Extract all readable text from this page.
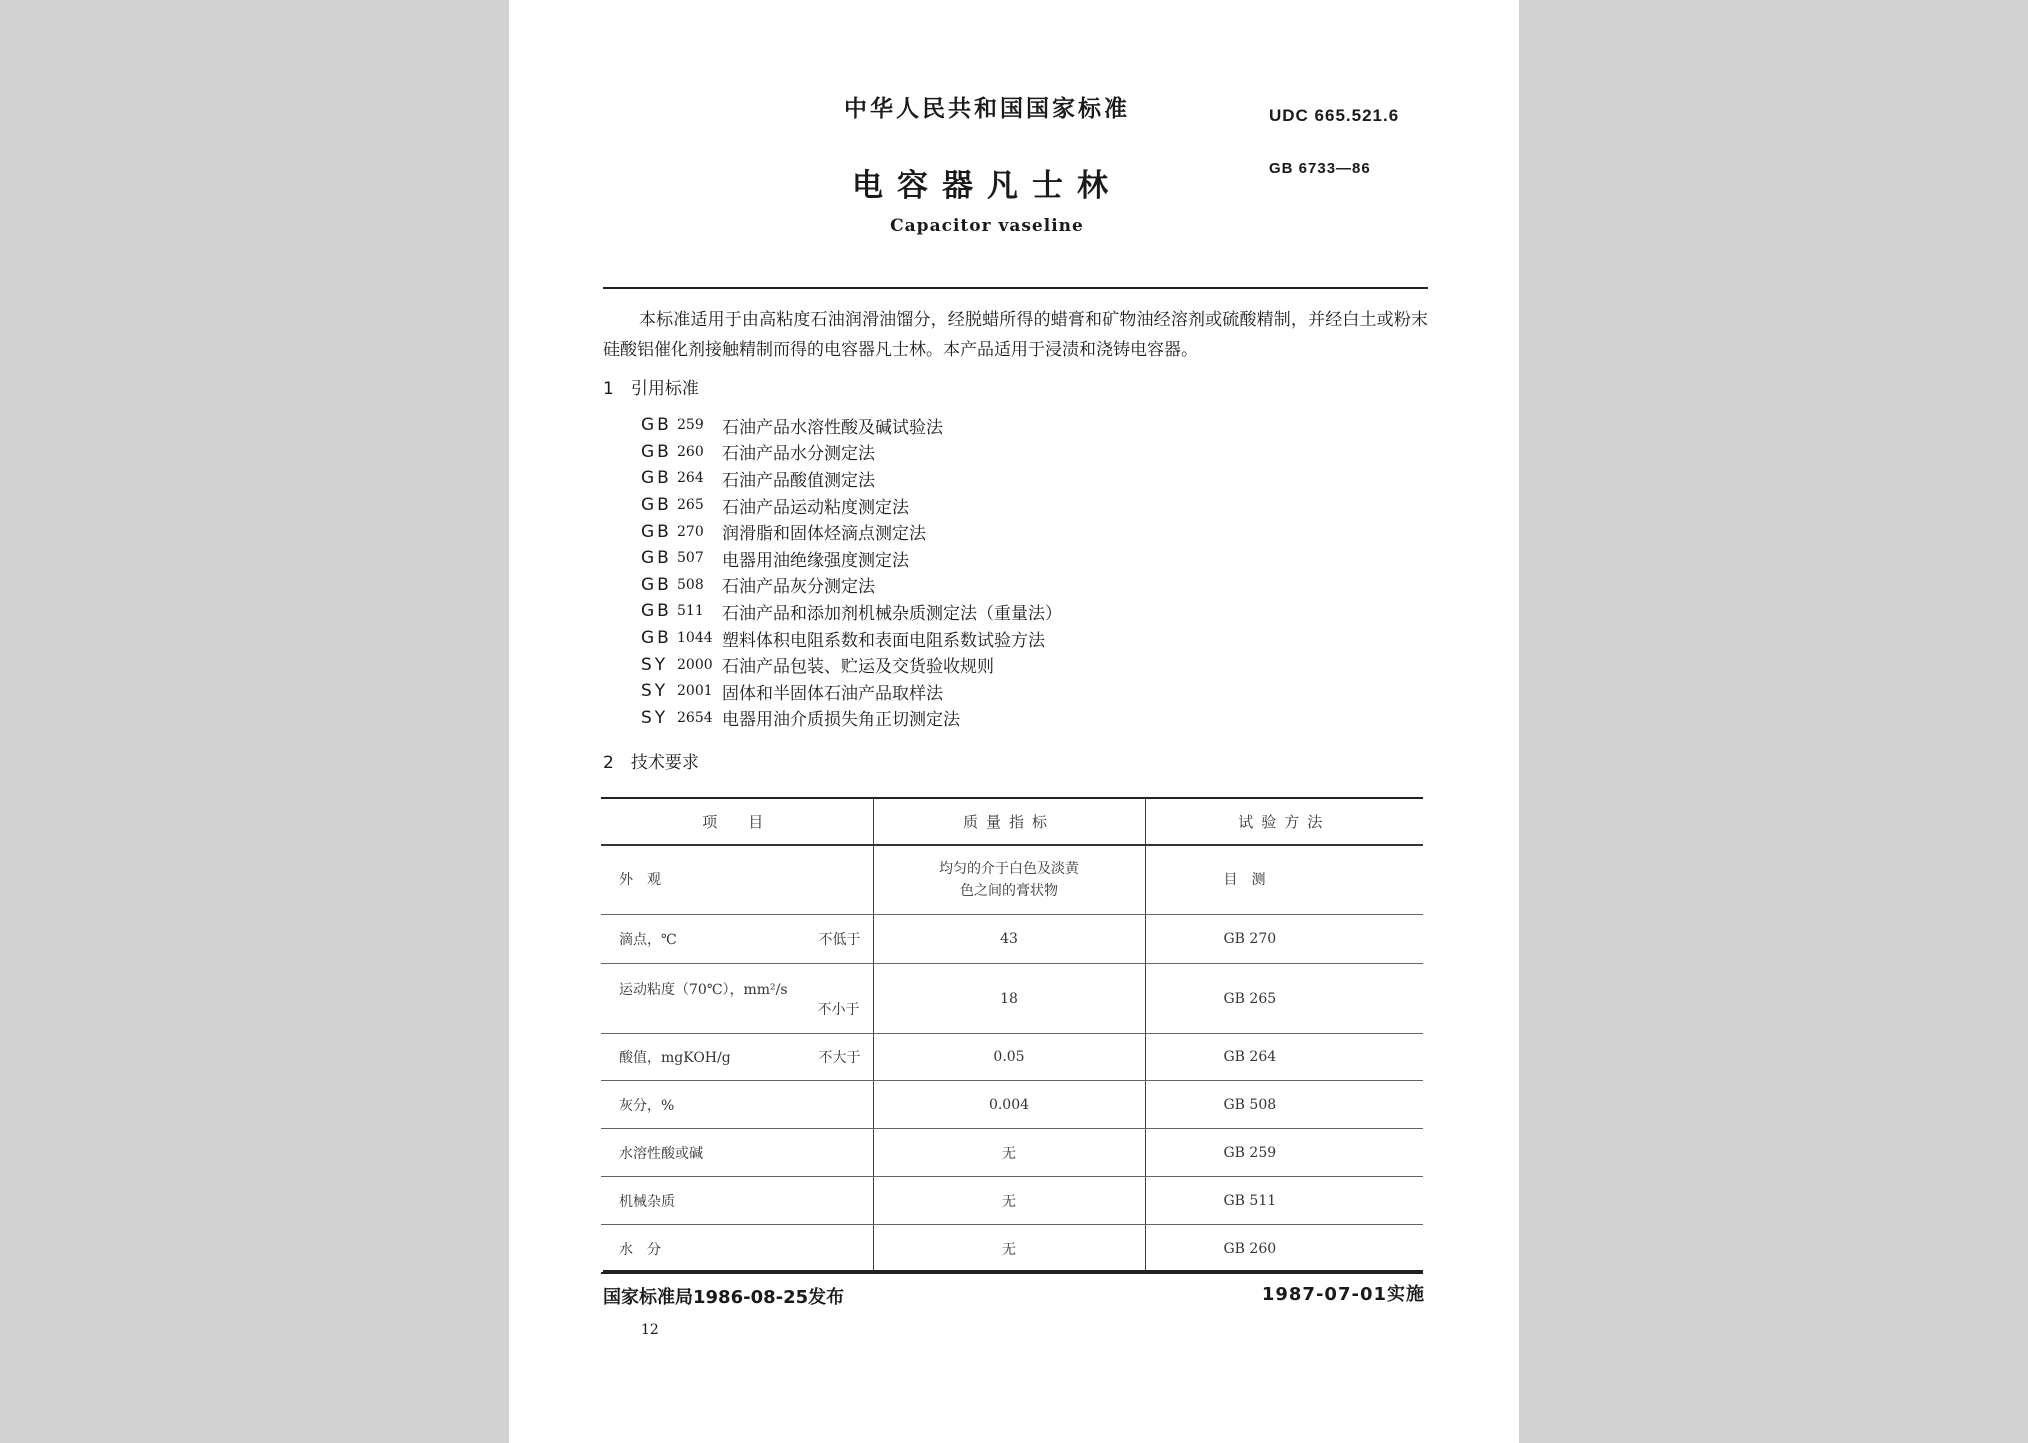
中华人民共和国国家标准
电容器凡士林
Capacitor vaseline
UDC 665.521.6
GB 6733—86
本标准适用于由高粘度石油润滑油馏分，经脱蜡所得的蜡膏和矿物油经溶剂或硫酸精制，并经白土或粉末硅酸铝催化剂接触精制而得的电容器凡士林。本产品适用于浸渍和浇铸电容器。
1　引用标准
GB 259	石油产品水溶性酸及碱试验法
GB 260	石油产品水分测定法
GB 264	石油产品酸值测定法
GB 265	石油产品运动粘度测定法
GB 270	润滑脂和固体烃滴点测定法
GB 507	电器用油绝缘强度测定法
GB 508	石油产品灰分测定法
GB 511	石油产品和添加剂机械杂质测定法（重量法）
GB 1044 塑料体积电阻系数和表面电阻系数试验方法
SY 2000 石油产品包装、贮运及交货验收规则
SY 2001 固体和半固体石油产品取样法
SY 2654 电器用油介质损失角正切测定法
2　技术要求
项　目	质量指标	试验方法
外　观	均匀的介于白色及淡黄色之间的膏状物	目　测
滴点，℃ 不低于	43	GB 270

运动粘度（70℃），mm²/s
不小于	18	GB 265
酸值，mgKOH/g 不大于	0.05	GB 264
灰分，%	0.004	GB 508
水溶性酸或碱	无	GB 259
机械杂质	无	GB 511
水　分	无	GB 260
国家标准局1986-08-25发布	1987-07-01实施
12
